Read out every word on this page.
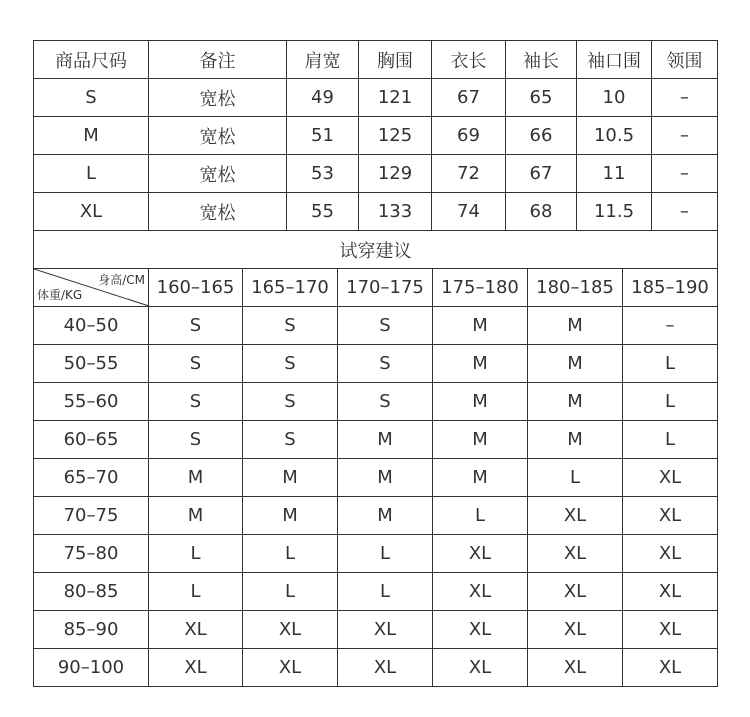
商品尺码	备注	肩宽	胸围	衣长	袖长	袖口围	领围
S	宽松	49	121	67	65	10	–
M	宽松	51	125	69	66	10.5	–
L	宽松	53	129	72	67	11	–
XL	宽松	55	133	74	68	11.5	–
试穿建议						

身高/CM
体重/KG	160–165	165–170	170–175	175–180	180–185	185–190
40–50	S	S	S	M	M	–
50–55	S	S	S	M	M	L
55–60	S	S	S	M	M	L
60–65	S	S	M	M	M	L
65–70	M	M	M	M	L	XL
70–75	M	M	M	L	XL	XL
75–80	L	L	L	XL	XL	XL
80–85	L	L	L	XL	XL	XL
85–90	XL	XL	XL	XL	XL	XL
90–100	XL	XL	XL	XL	XL	XL
